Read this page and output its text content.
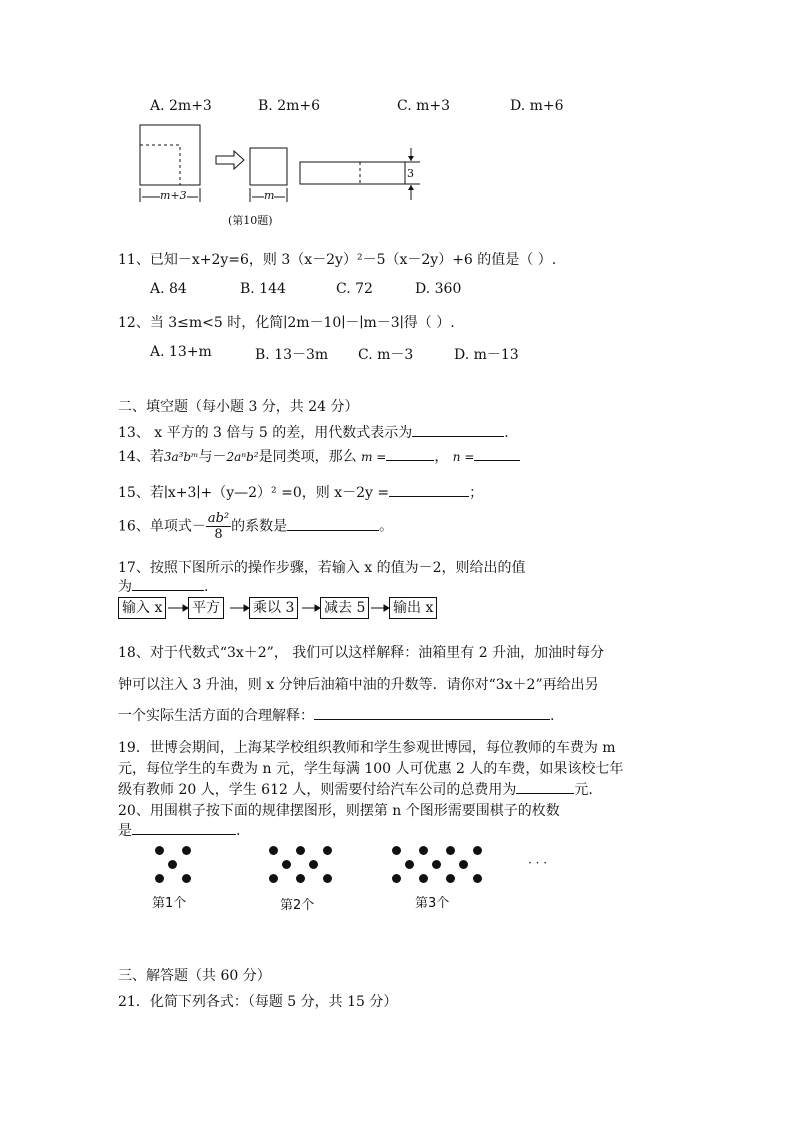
A. 2m+3	B. 2m+6	C. m+3	D. m+6
m+3	m
3
(第10题)
11、已知－x+2y=6，则 3（x－2y）²－5（x－2y）+6 的值是（ ）.
A. 84	B. 144	C. 72	D. 360
12、当 3≤m<5 时，化简∣2m－10∣－∣m－3∣得（ ）.
A. 13+m	B. 13－3m C. m－3	D. m－13
二、填空题（每小题 3 分，共 24 分）
13、 x 平方的 3 倍与 5 的差，用代数式表示为	.
14、若3a³bᵐ与－2aⁿb²是同类项，那么 m =	， n =
15、若∣x+3∣+（y—2）² =0，则 x－2y =	；
16、单项式－ $\frac{\text{ab²}}{8}$ 的系数是	。
17、按照下图所示的操作步骤，若输入 x 的值为－2，则给出的值
为	.
输入 x 平方 乘以 3 减去 5 输出 x
18、对于代数式“3x＋2”， 我们可以这样解释：油箱里有 2 升油，加油时每分
钟可以注入 3 升油，则 x 分钟后油箱中油的升数等．请你对“3x＋2”再给出另
一个实际生活方面的合理解释：	.
19．世博会期间，上海某学校组织教师和学生参观世博园，每位教师的车费为 m
元，每位学生的车费为 n 元，学生每满 100 人可优惠 2 人的车费，如果该校七年
级有教师 20 人，学生 612 人，则需要付给汽车公司的总费用为	元.
20、用围棋子按下面的规律摆图形，则摆第 n 个图形需要围棋子的枚数
是	.
· · ·
第1个	第2个	第3个
三、解答题（共 60 分）
21．化简下列各式：（每题 5 分，共 15 分）
